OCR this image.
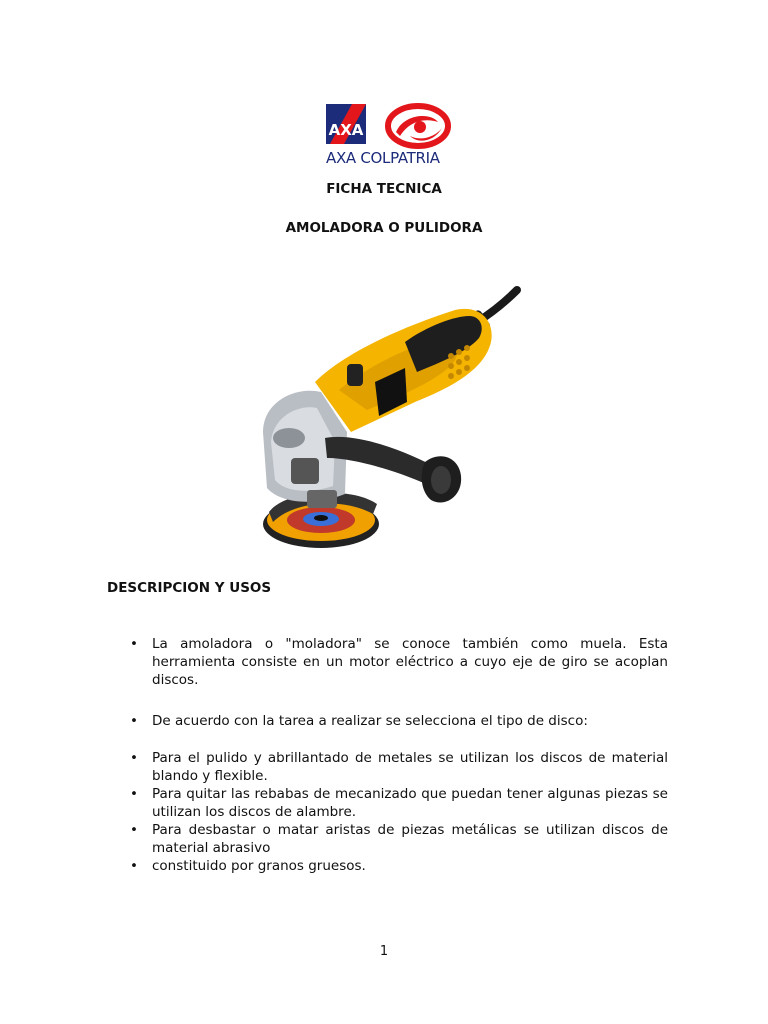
AXA
AXA COLPATRIA
FICHA TECNICA
AMOLADORA O PULIDORA
DESCRIPCION Y USOS
• La amoladora o "moladora" se conoce también como muela. Esta herramienta consiste en un motor eléctrico a cuyo eje de giro se acoplan discos.
• De acuerdo con la tarea a realizar se selecciona el tipo de disco:
• Para el pulido y abrillantado de metales se utilizan los discos de material blando y flexible.
• Para quitar las rebabas de mecanizado que puedan tener algunas piezas se utilizan los discos de alambre.
• Para desbastar o matar aristas de piezas metálicas se utilizan discos de material abrasivo
• constituido por granos gruesos.
1
